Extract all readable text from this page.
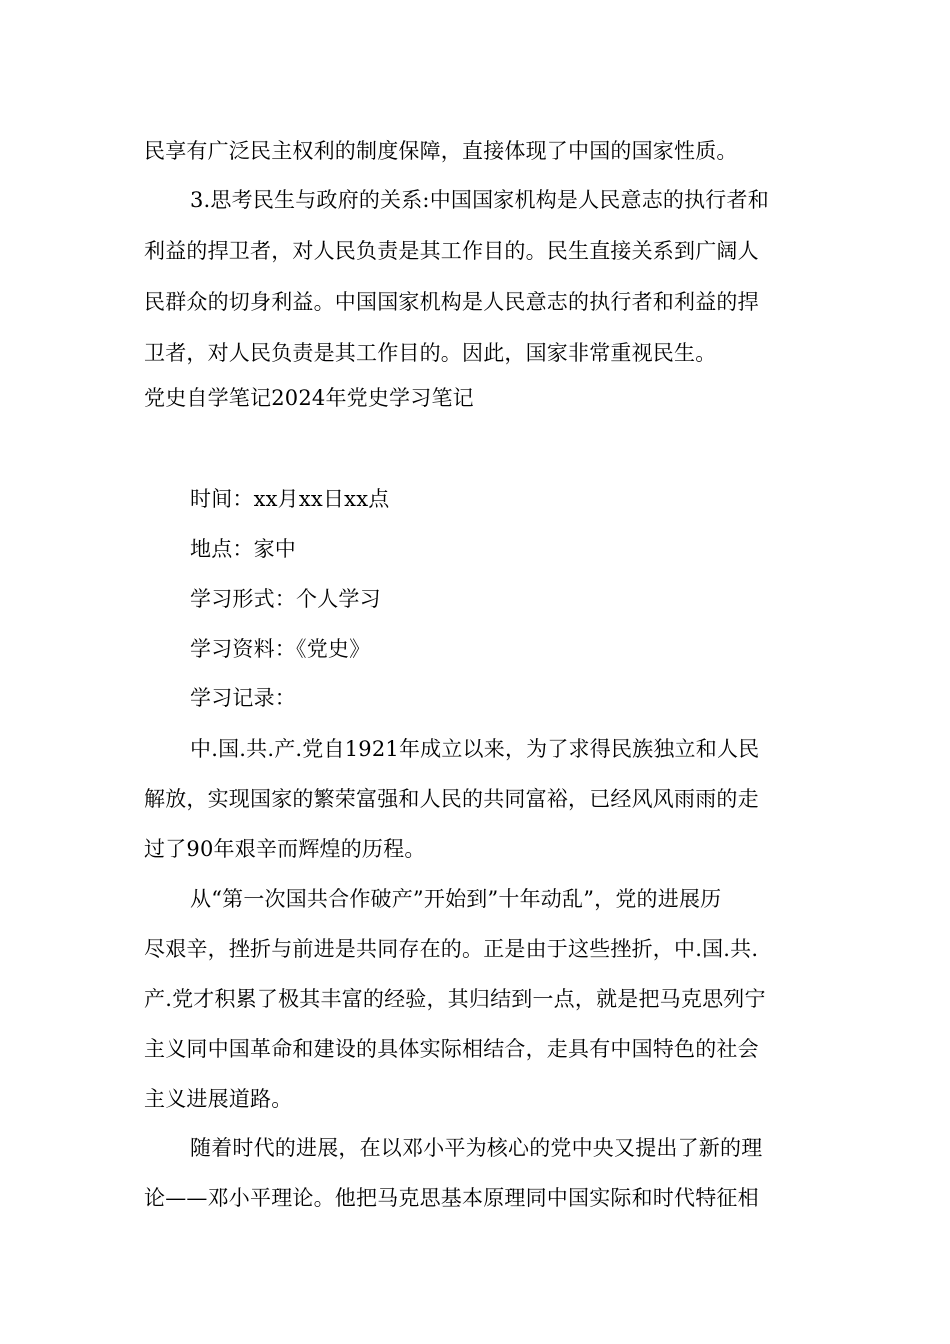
民享有广泛民主权利的制度保障，直接体现了中国的国家性质。
3.思考民生与政府的关系:中国国家机构是人民意志的执行者和
利益的捍卫者，对人民负责是其工作目的。民生直接关系到广阔人
民群众的切身利益。中国国家机构是人民意志的执行者和利益的捍
卫者，对人民负责是其工作目的。因此，国家非常重视民生。
党史自学笔记2024年党史学习笔记
时间：xx月xx日xx点
地点：家中
学习形式：个人学习
学习资料：《党史》
学习记录：
中.国.共.产.党自1921年成立以来，为了求得民族独立和人民
解放，实现国家的繁荣富强和人民的共同富裕，已经风风雨雨的走
过了90年艰辛而辉煌的历程。
从“第一次国共合作破产”开始到”十年动乱”，党的进展历
尽艰辛，挫折与前进是共同存在的。正是由于这些挫折，中.国.共.
产.党才积累了极其丰富的经验，其归结到一点，就是把马克思列宁
主义同中国革命和建设的具体实际相结合，走具有中国特色的社会
主义进展道路。
随着时代的进展，在以邓小平为核心的党中央又提出了新的理
论——邓小平理论。他把马克思基本原理同中国实际和时代特征相
